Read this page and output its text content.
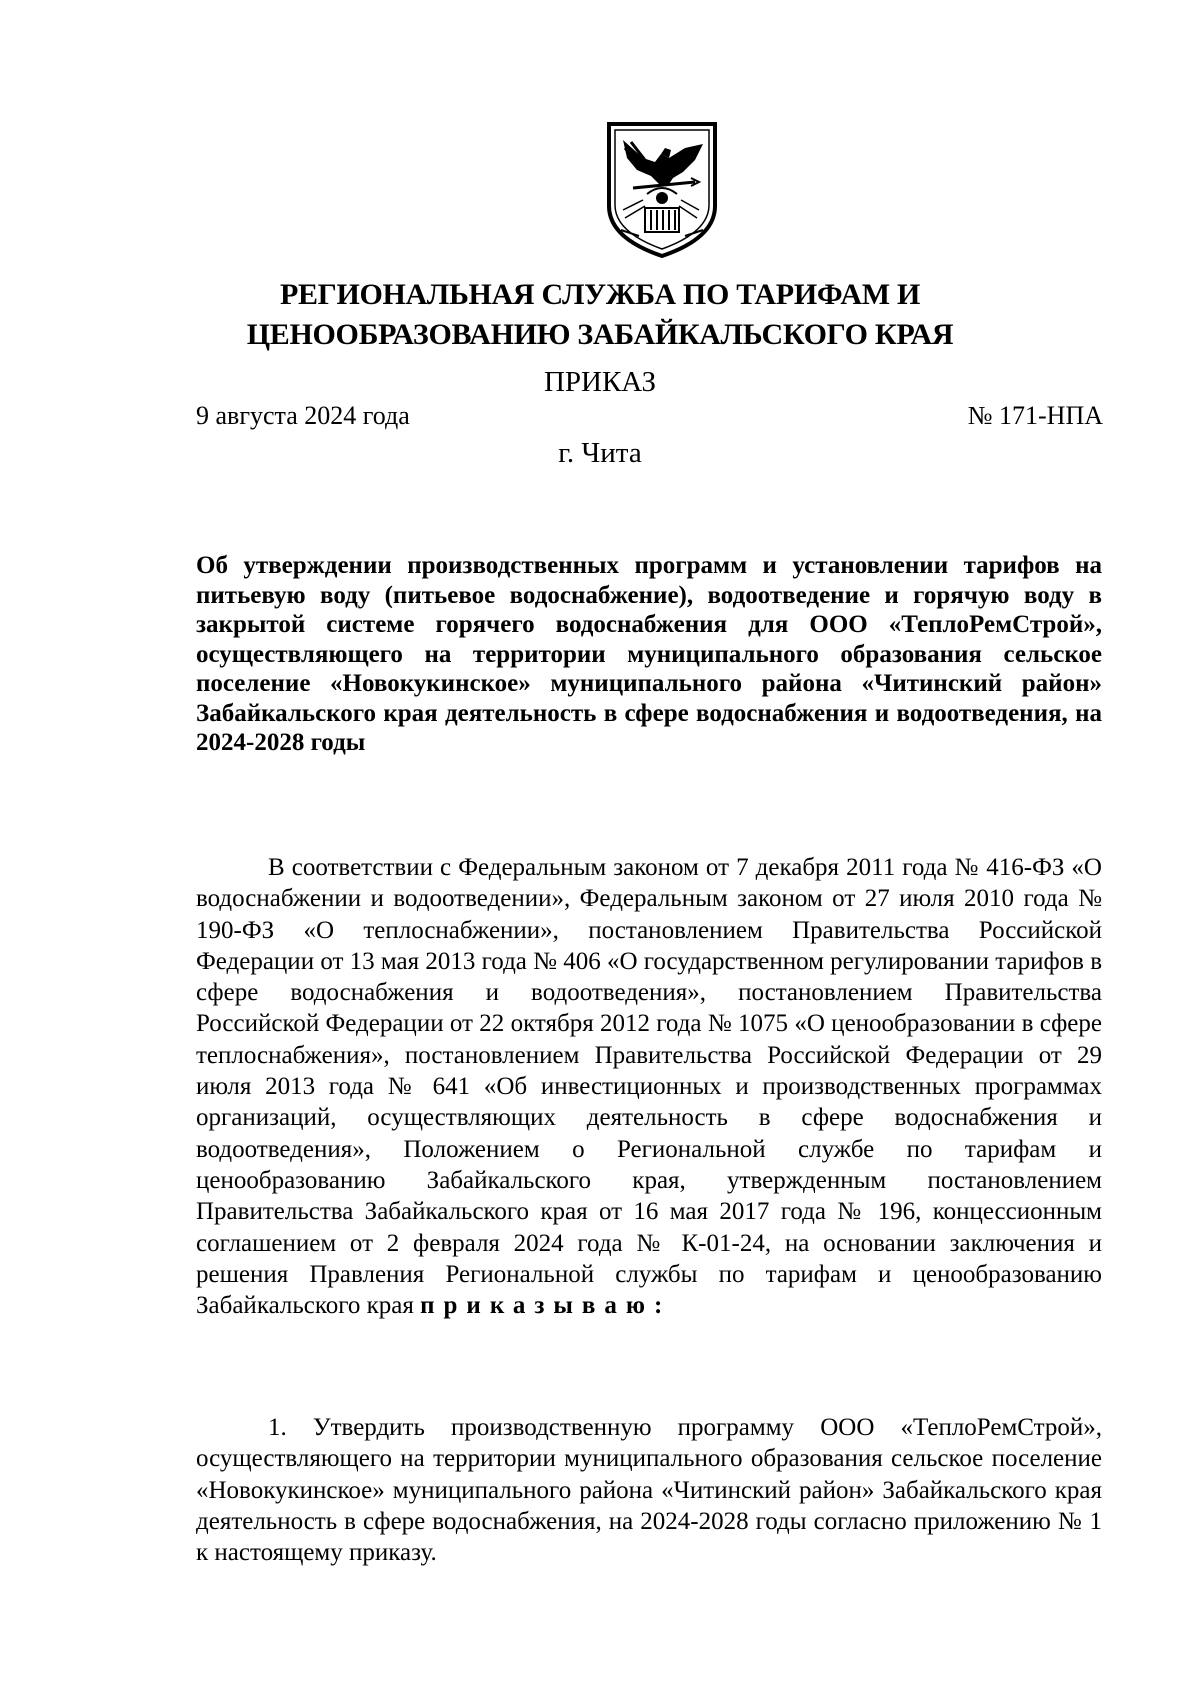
РЕГИОНАЛЬНАЯ СЛУЖБА ПО ТАРИФАМ И
ЦЕНООБРАЗОВАНИЮ ЗАБАЙКАЛЬСКОГО КРАЯ
ПРИКАЗ
9 августа 2024 года	№ 171-НПА
г. Чита
Об утверждении производственных программ и установлении тарифов на питьевую воду (питьевое водоснабжение), водоотведение и горячую воду в закрытой системе горячего водоснабжения для ООО «ТеплоРемСтрой», осуществляющего на территории муниципального образования сельское поселение «Новокукинское» муниципального района «Читинский район» Забайкальского края деятельность в сфере водоснабжения и водоотведения, на 2024-2028 годы

В соответствии с Федеральным законом от 7 декабря 2011 года № 416-ФЗ «О водоснабжении и водоотведении», Федеральным законом от 27 июля 2010 года № 190-ФЗ «О теплоснабжении», постановлением Правительства Российской Федерации от 13 мая 2013 года № 406 «О государственном регулировании тарифов в сфере водоснабжения и водоотведения», постановлением Правительства Российской Федерации от 22 октября 2012 года № 1075 «О ценообразовании в сфере теплоснабжения», постановлением Правительства Российской Федерации от 29 июля 2013 года № 641 «Об инвестиционных и производственных программах организаций, осуществляющих деятельность в сфере водоснабжения и водоотведения», Положением о Региональной службе по тарифам и ценообразованию Забайкальского края, утвержденным постановлением Правительства Забайкальского края от 16 мая 2017 года № 196, концессионным соглашением от 2 февраля 2024 года № К-01-24, на основании заключения и решения Правления Региональной службы по тарифам и ценообразованию Забайкальского края приказываю:

1. Утвердить производственную программу ООО «ТеплоРемСтрой», осуществляющего на территории муниципального образования сельское поселение «Новокукинское» муниципального района «Читинский район» Забайкальского края деятельность в сфере водоснабжения, на 2024-2028 годы согласно приложению № 1 к настоящему приказу.
